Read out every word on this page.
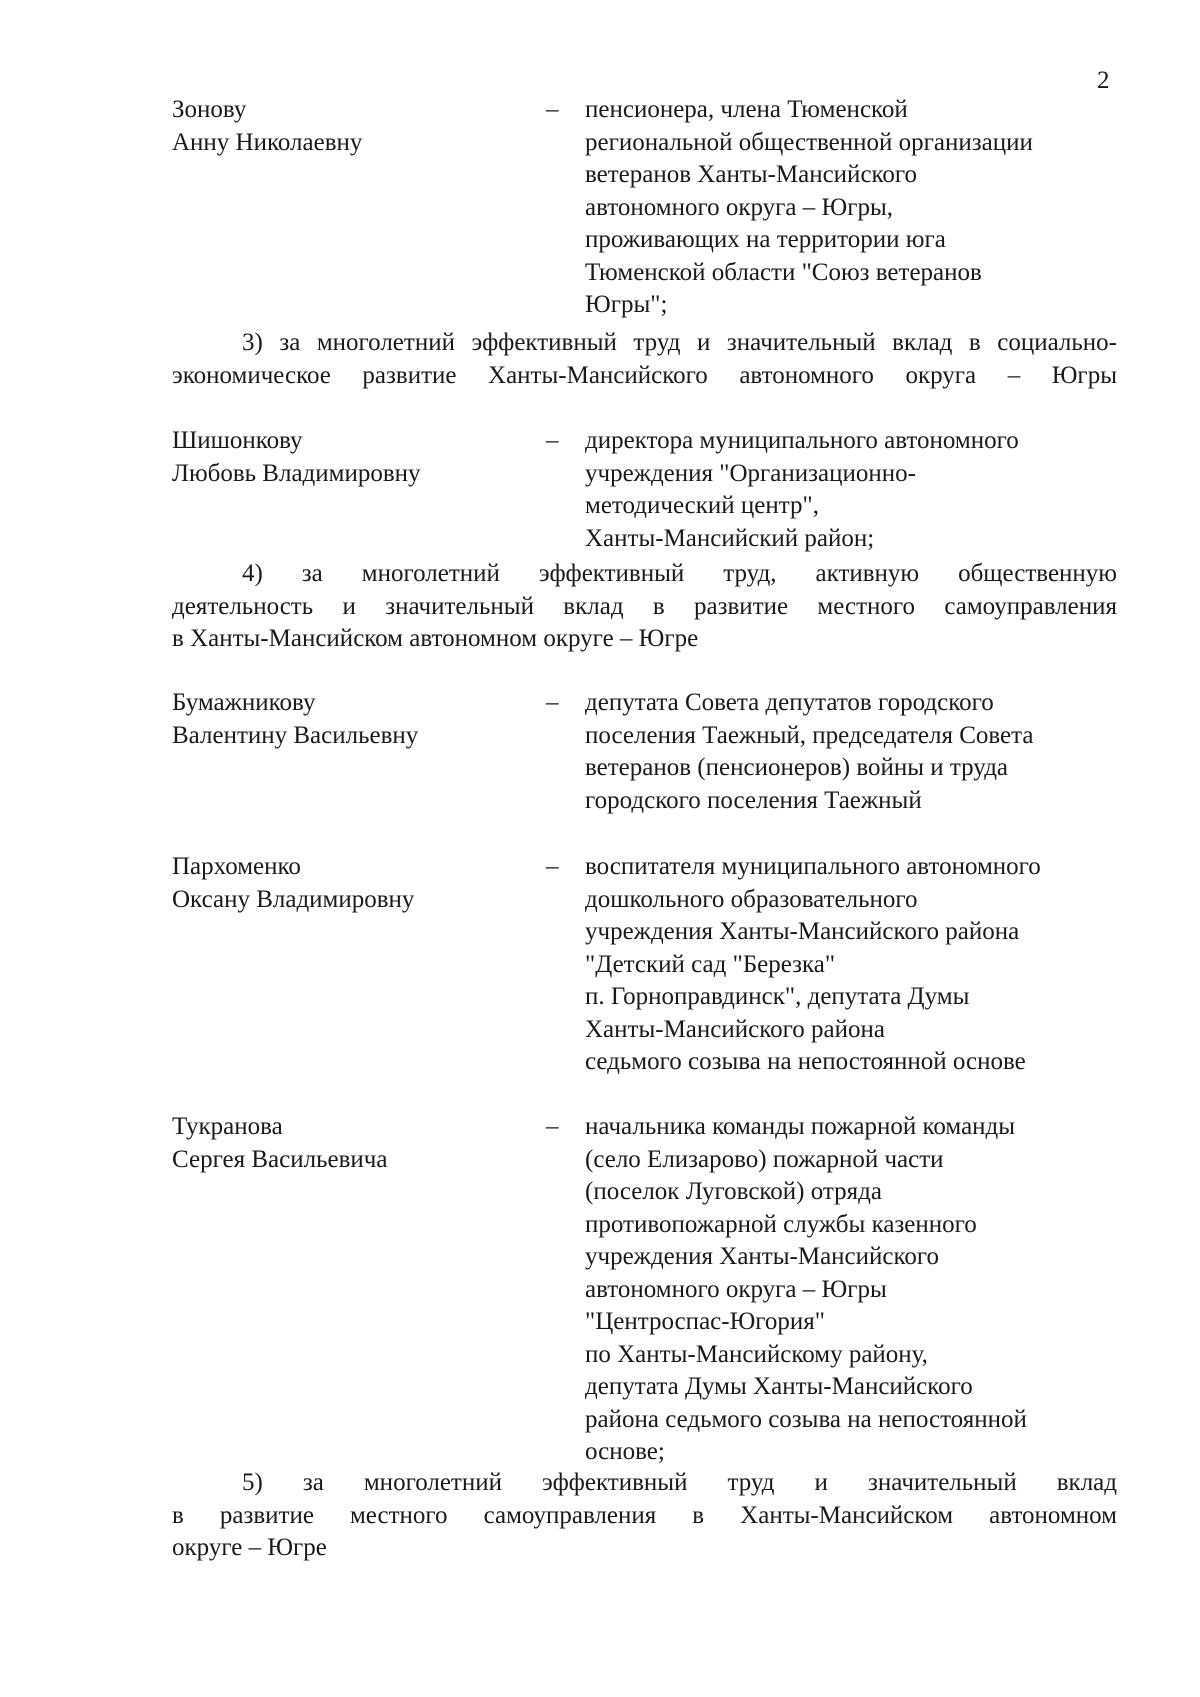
2
Зонову
Анну Николаевну
– пенсионера, члена Тюменской
региональной общественной организации
ветеранов Ханты-Мансийского
автономного округа – Югры,
проживающих на территории юга
Тюменской области "Союз ветеранов
Югры";
3) за многолетний эффективный труд и значительный вклад в социально-
экономическое развитие Ханты-Мансийского автономного округа – Югры
Шишонкову
Любовь Владимировну
– директора муниципального автономного
учреждения "Организационно-
методический центр",
Ханты-Мансийский район;
4) за многолетний эффективный труд, активную общественную
деятельность и значительный вклад в развитие местного самоуправления
в Ханты-Мансийском автономном округе – Югре
Бумажникову
Валентину Васильевну
– депутата Совета депутатов городского
поселения Таежный, председателя Совета
ветеранов (пенсионеров) войны и труда
городского поселения Таежный
Пархоменко
Оксану Владимировну
– воспитателя муниципального автономного
дошкольного образовательного
учреждения Ханты-Мансийского района
"Детский сад "Березка"
п. Горноправдинск", депутата Думы
Ханты-Мансийского района
седьмого созыва на непостоянной основе
Тукранова
Сергея Васильевича
– начальника команды пожарной команды
(село Елизарово) пожарной части
(поселок Луговской) отряда
противопожарной службы казенного
учреждения Ханты-Мансийского
автономного округа – Югры
"Центроспас-Югория"
по Ханты-Мансийскому району,
депутата Думы Ханты-Мансийского
района седьмого созыва на непостоянной
основе;
5) за многолетний эффективный труд и значительный вклад
в развитие местного самоуправления в Ханты-Мансийском автономном
округе – Югре
